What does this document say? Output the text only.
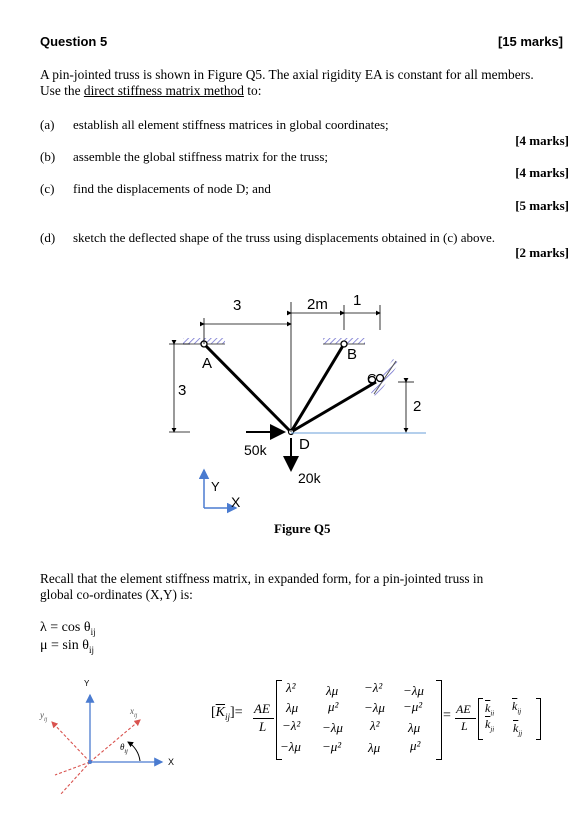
Question 5	[15 marks]
A pin-jointed truss is shown in Figure Q5. The axial rigidity EA is constant for all members.
Use the direct stiffness matrix method to:
(a) establish all element stiffness matrices in global coordinates;
[4 marks]
(b) assemble the global stiffness matrix for the truss;
[4 marks]
(c) find the displacements of node D; and
[5 marks]
(d) sketch the deflected shape of the truss using displacements obtained in (c) above.
[2 marks]
3	2m 1
3
2
A
B
C
D
50k
20k
Y
X
Figure Q5
Recall that the element stiffness matrix, in expanded form, for a pin-jointed truss in
global co-ordinates (X,Y) is:
$\lambda = \cos \theta_{ij}$
$\mu = \sin \theta_{ij}$
Y
X
$y_{ij}$
$x_{ij}$
$\theta_{ij}$
$[\overline{K}_{ij}]=$ AE
L
λ² λμ −λ² −λμ
λμ μ² −λμ −μ²
−λ² −λμ λ² λμ
−λμ −μ² λμ μ²
= AE
L
$\overline{k}_{ii}$
$\overline{k}_{ij}$
$\overline{k}_{ji}$ $\overline{k}_{jj}$
